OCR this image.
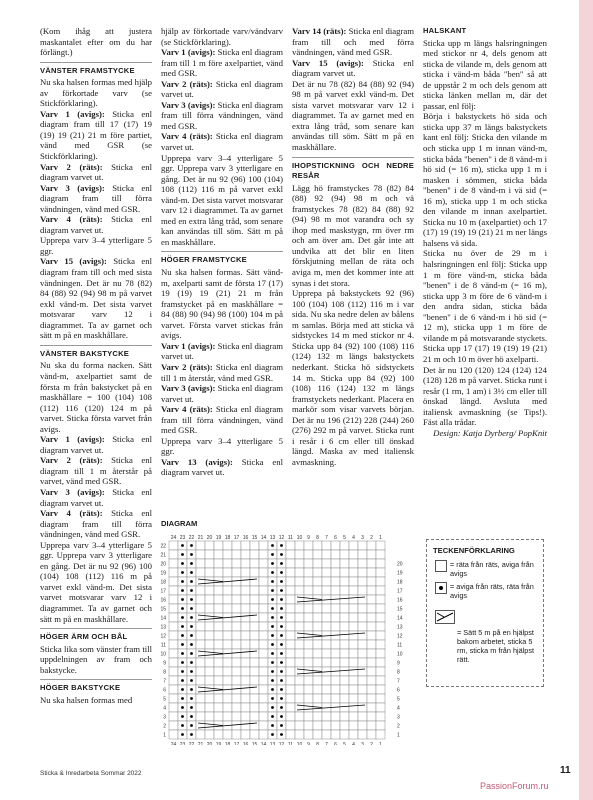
(Kom ihåg att justera maskantalet efter om du har förlängt.)

VÄNSTER FRAMSTYCKE

Nu ska halsen formas med hjälp av förkortade varv (se Stickförklaring).

Varv 1 (avigs): Sticka enl diagram fram till 17 (17) 19 (19) 19 (21) 21 m före partiet, vänd med GSR (se Stickförklaring).

Varv 2 (räts): Sticka enl diagram varvet ut.

Varv 3 (avigs): Sticka enl diagram fram till förra vändningen, vänd med GSR.

Varv 4 (räts): Sticka enl diagram varvet ut.

Upprepa varv 3–4 ytterligare 5 ggr.

Varv 15 (avigs): Sticka enl diagram fram till och med sista vändningen. Det är nu 78 (82) 84 (88) 92 (94) 98 m på varvet exkl vänd-m. Det sista varvet motsvarar varv 12 i diagrammet. Ta av garnet och sätt m på en maskhållare.

VÄNSTER BAKSTYCKE

Nu ska du forma nacken. Sätt vänd-m, axelpartiet samt de första m från bakstycket på en maskhållare = 100 (104) 108 (112) 116 (120) 124 m på varvet. Sticka första varvet från avigs.

Varv 1 (avigs): Sticka enl diagram varvet ut.

Varv 2 (räts): Sticka enl diagram till 1 m återstår på varvet, vänd med GSR.

Varv 3 (avigs): Sticka enl diagram varvet ut.

Varv 4 (räts): Sticka enl diagram fram till förra vändningen, vänd med GSR.

Upprepa varv 3–4 ytterligare 5 ggr. Upprepa varv 3 ytterligare en gång. Det är nu 92 (96) 100 (104) 108 (112) 116 m på varvet exkl vänd-m. Det sista varvet motsvarar varv 12 i diagrammet. Ta av garnet och sätt m på en maskhållare.

HÖGER ÄRM OCH BÅL

Sticka lika som vänster fram till uppdelningen av fram och bakstycke.

HÖGER BAKSTYCKE

Nu ska halsen formas med

hjälp av förkortade varv/vändvarv (se Stickförklaring).

Varv 1 (avigs): Sticka enl diagram fram till 1 m före axelpartiet, vänd med GSR.

Varv 2 (räts): Sticka enl diagram varvet ut.

Varv 3 (avigs): Sticka enl diagram fram till förra vändningen, vänd med GSR.

Varv 4 (räts): Sticka enl diagram varvet ut.

Upprepa varv 3–4 ytterligare 5 ggr. Upprepa varv 3 ytterligare en gång. Det är nu 92 (96) 100 (104) 108 (112) 116 m på varvet exkl vänd-m. Det sista varvet motsvarar varv 12 i diagrammet. Ta av garnet med en extra lång tråd, som senare kan användas till söm. Sätt m på en maskhållare.

HÖGER FRAMSTYCKE

Nu ska halsen formas. Sätt vänd-m, axelparti samt de första 17 (17) 19 (19) 19 (21) 21 m från framstycket på en maskhållare = 84 (88) 90 (94) 98 (100) 104 m på varvet. Första varvet stickas från avigs.

Varv 1 (avigs): Sticka enl diagram varvet ut.

Varv 2 (räts): Sticka enl diagram till 1 m återstår, vänd med GSR.

Varv 3 (avigs): Sticka enl diagram varvet ut.

Varv 4 (räts): Sticka enl diagram fram till förra vändningen, vänd med GSR.

Upprepa varv 3–4 ytterligare 5 ggr.

Varv 13 (avigs): Sticka enl diagram varvet ut.

Varv 14 (räts): Sticka enl diagram fram till och med förra vändningen, vänd med GSR.

Varv 15 (avigs): Sticka enl diagram varvet ut.

Det är nu 78 (82) 84 (88) 92 (94) 98 m på varvet exkl vänd-m. Det sista varvet motsvarar varv 12 i diagrammet. Ta av garnet med en extra lång tråd, som senare kan användas till söm. Sätt m på en maskhållare.

IHOPSTICKNING OCH NEDRE RESÅR

Lägg hö framstyckes 78 (82) 84 (88) 92 (94) 98 m och vä framstyckes 78 (82) 84 (88) 92 (94) 98 m mot varandra och sy ihop med maskstygn, rm över rm och am över am. Det går inte att undvika att det blir en liten förskjutning mellan de räta och aviga m, men det kommer inte att synas i det stora.

Upprepa på bakstyckets 92 (96) 100 (104) 108 (112) 116 m i var sida. Nu ska nedre delen av bålens m samlas. Börja med att sticka vä sidstyckes 14 m med stickor nr 4. Sticka upp 84 (92) 100 (108) 116 (124) 132 m längs bakstyckets nederkant. Sticka hö sidstyckets 14 m. Sticka upp 84 (92) 100 (108) 116 (124) 132 m längs framstyckets nederkant. Placera en markör som visar varvets början. Det är nu 196 (212) 228 (244) 260 (276) 292 m på varvet. Sticka runt i resår i 6 cm eller till önskad längd. Maska av med italiensk avmaskning.

HALSKANT

Sticka upp m längs halsringningen med stickor nr 4, dels genom att sticka de vilande m, dels genom att sticka i vänd-m båda "ben" så att de uppstår 2 m och dels genom att sticka länken mellan m, där det passar, enl följ:

Börja i bakstyckets hö sida och sticka upp 37 m längs bakstyckets kant enl följ: Sticka den vilande m och sticka upp 1 m innan vänd-m, sticka båda "benen" i de 8 vänd-m i hö sid (= 16 m), sticka upp 1 m i masken i sömmen, sticka båda "benen" i de 8 vänd-m i vä sid (= 16 m), sticka upp 1 m och sticka den vilande m innan axelpartiet. Sticka nu 10 m (axelpartiet) och 17 (17) 19 (19) 19 (21) 21 m ner längs halsens vä sida.

Sticka nu över de 29 m i halsringningen enl följ: Sticka upp 1 m före vänd-m, sticka båda "benen" i de 8 vänd-m (= 16 m), sticka upp 3 m före de 6 vänd-m i den andra sidan, sticka båda "benen" i de 6 vänd-m i hö sid (= 12 m), sticka upp 1 m före de vilande m på motsvarande styckets. Sticka upp 17 (17) 19 (19) 19 (21) 21 m och 10 m över hö axelparti.

Det är nu 120 (120) 124 (124) 124 (128) 128 m på varvet. Sticka runt i resår (1 rm, 1 am) i 3½ cm eller till önskad längd. Avsluta med italiensk avmaskning (se Tips!). Fäst alla trådar.

Design: Katja Dyrberg/ PopKnit

DIAGRAM
24
24
23
23
22
22
21
21
20
20
19
19
18
18
17
17
16
16
15
15
14
14
13
13
12
12
11
11
10
10
9
9
8
8
7
7
6
6
5
5
4
4
3
3
2
2
1
1
22
21
20
19
18
17
16
15
14
13
12
11
10
9
8
7
6
5
4
3
2
1
20
19
18
17
16
15
14
13
12
11
10
9
8
7
6
5
4
3
2
1
TECKENFÖRKLARING
= räta från räts, aviga från avigs
= aviga från räts, räta från avigs
= Sätt 5 m på en hjälpst bakom arbetet, sticka 5 rm, sticka m från hjälpst rätt.
Sticka & Inredarbeta Sommar 2022	11
PassionForum.ru
